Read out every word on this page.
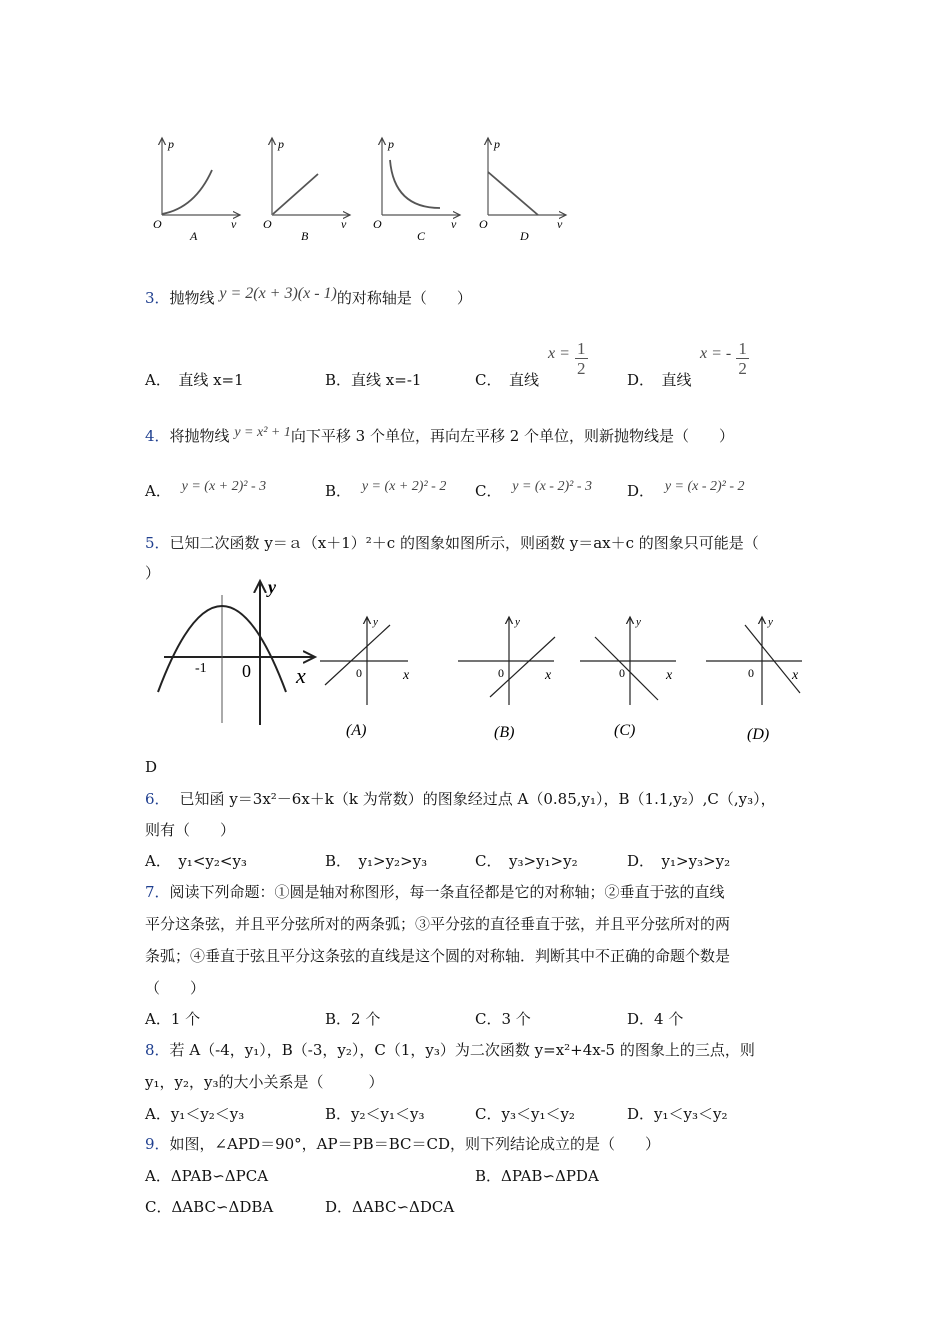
p
v
O
A
p
v
O
B
p
v
O
C
p
v
O
D
3．抛物线 y = 2(x + 3)(x - 1)的对称轴是（　　）
A．　直线 x=1	B．直线 x=-1	C．　直线
$x = \frac{1}{2}$
D．　直线
x = - $\frac{1}{2}$
4．将抛物线 y = x² + 1向下平移 3 个单位，再向左平移 2 个单位，则新抛物线是（　　）
A． y = (x + 2)² - 3	B． y = (x + 2)² - 2 C． y = (x - 2)² - 3 D． y = (x - 2)² - 2
5．已知二次函数 y＝ａ（x＋1）²＋c 的图象如图所示，则函数 y＝ax＋c 的图象只可能是（
）
y
x
-1 0
y
x
0
(A)
y
x
0
(B)
y
x
0
(C)
y
x
0
(D)
D
6． 已知函 y＝3x²－6x＋k（k 为常数）的图象经过点 A（0.85,y₁），B（1.1,y₂）,C（,y₃），
则有（　　）
A．　y₁<y₂<y₃	B．　y₁>y₂>y₃	C．　y₃>y₁>y₂	D．　y₁>y₃>y₂
7．阅读下列命题：①圆是轴对称图形，每一条直径都是它的对称轴；②垂直于弦的直线
平分这条弦，并且平分弦所对的两条弧；③平分弦的直径垂直于弦，并且平分弦所对的两
条弧；④垂直于弦且平分这条弦的直线是这个圆的对称轴．判断其中不正确的命题个数是
（　　）
A．1 个	B．2 个	C．3 个	D．4 个
8．若 A（-4，y₁），B（-3，y₂），C（1，y₃）为二次函数 y=x²+4x-5 的图象上的三点，则
y₁，y₂，y₃的大小关系是（　　　）
A．y₁＜y₂＜y₃	B．y₂＜y₁＜y₃	C．y₃＜y₁＜y₂	D．y₁＜y₃＜y₂
9．如图，∠APD＝90°，AP＝PB＝BC＝CD，则下列结论成立的是（　　）
A．ΔPAB∽ΔPCA	B．ΔPAB∽ΔPDA
C．ΔABC∽ΔDBA	D．ΔABC∽ΔDCA
